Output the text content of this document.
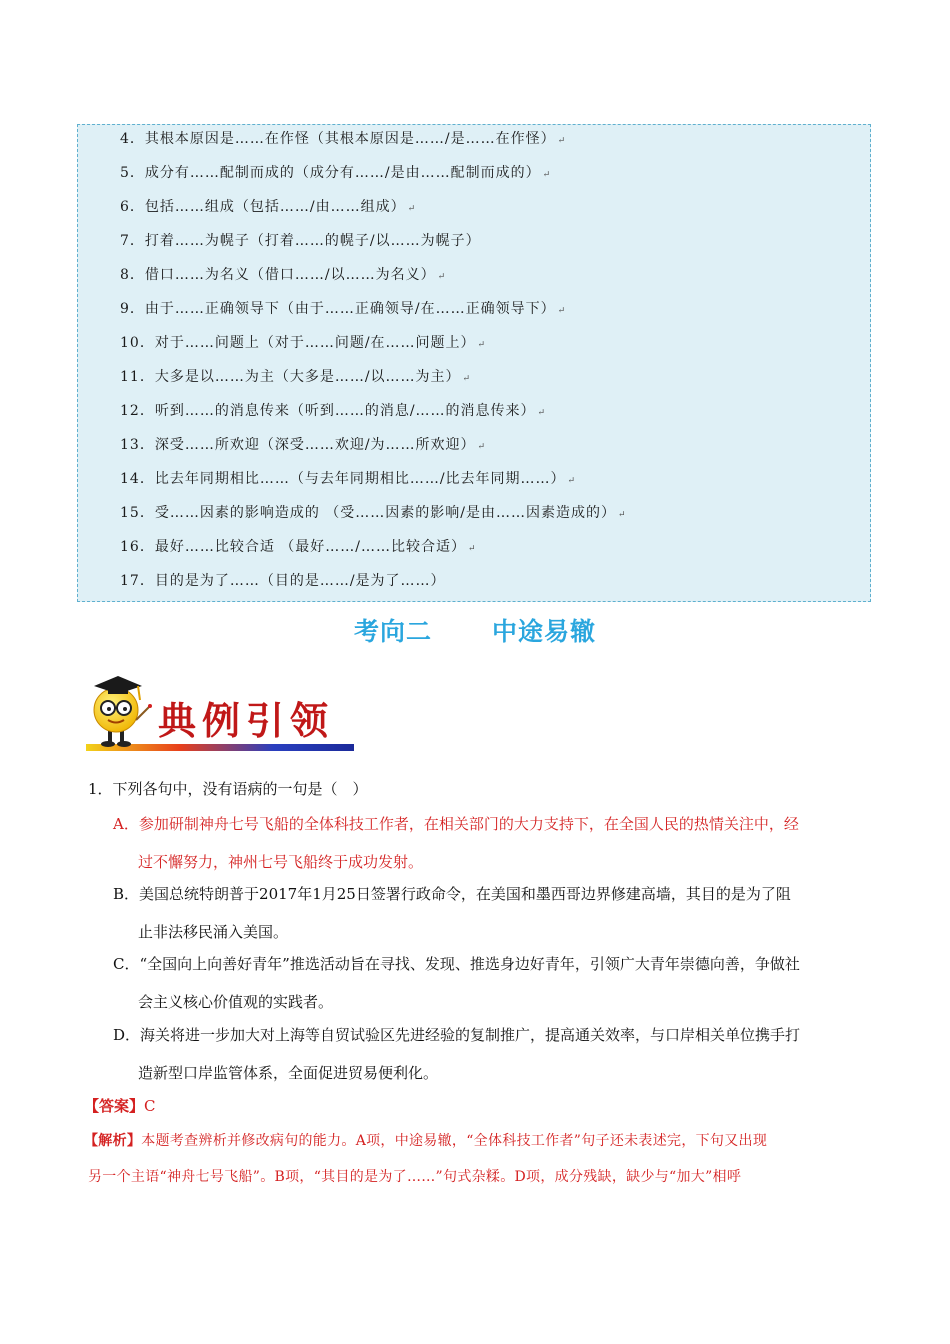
4．其根本原因是……在作怪（其根本原因是……/是……在作怪） ↵
5．成分有……配制而成的（成分有……/是由……配制而成的） ↵
6．包括……组成（包括……/由……组成） ↵
7．打着……为幌子（打着……的幌子/以……为幌子）
8．借口……为名义（借口……/以……为名义） ↵
9．由于……正确领导下（由于……正确领导/在……正确领导下） ↵
10．对于……问题上（对于……问题/在……问题上） ↵
11．大多是以……为主（大多是……/以……为主） ↵
12．听到……的消息传来（听到……的消息/……的消息传来） ↵
13．深受……所欢迎（深受……欢迎/为……所欢迎） ↵
14．比去年同期相比……（与去年同期相比……/比去年同期……） ↵
15．受……因素的影响造成的 （受……因素的影响/是由……因素造成的） ↵
16．最好……比较合适 （最好……/……比较合适） ↵
17．目的是为了……（目的是……/是为了……）
考向二 中途易辙
典例引领
1．下列各句中，没有语病的一句是（　）
A．参加研制神舟七号飞船的全体科技工作者，在相关部门的大力支持下，在全国人民的热情关注中，经
过不懈努力，神州七号飞船终于成功发射。
B．美国总统特朗普于2017年1月25日签署行政命令，在美国和墨西哥边界修建高墙，其目的是为了阻
止非法移民涌入美国。
C．“全国向上向善好青年”推选活动旨在寻找、发现、推选身边好青年，引领广大青年崇德向善，争做社
会主义核心价值观的实践者。
D．海关将进一步加大对上海等自贸试验区先进经验的复制推广，提高通关效率，与口岸相关单位携手打
造新型口岸监管体系，全面促进贸易便利化。
【答案】C
【解析】本题考查辨析并修改病句的能力。A项，中途易辙，“全体科技工作者”句子还未表述完，下句又出现
另一个主语“神舟七号飞船”。B项，“其目的是为了……”句式杂糅。D项，成分残缺，缺少与“加大”相呼
